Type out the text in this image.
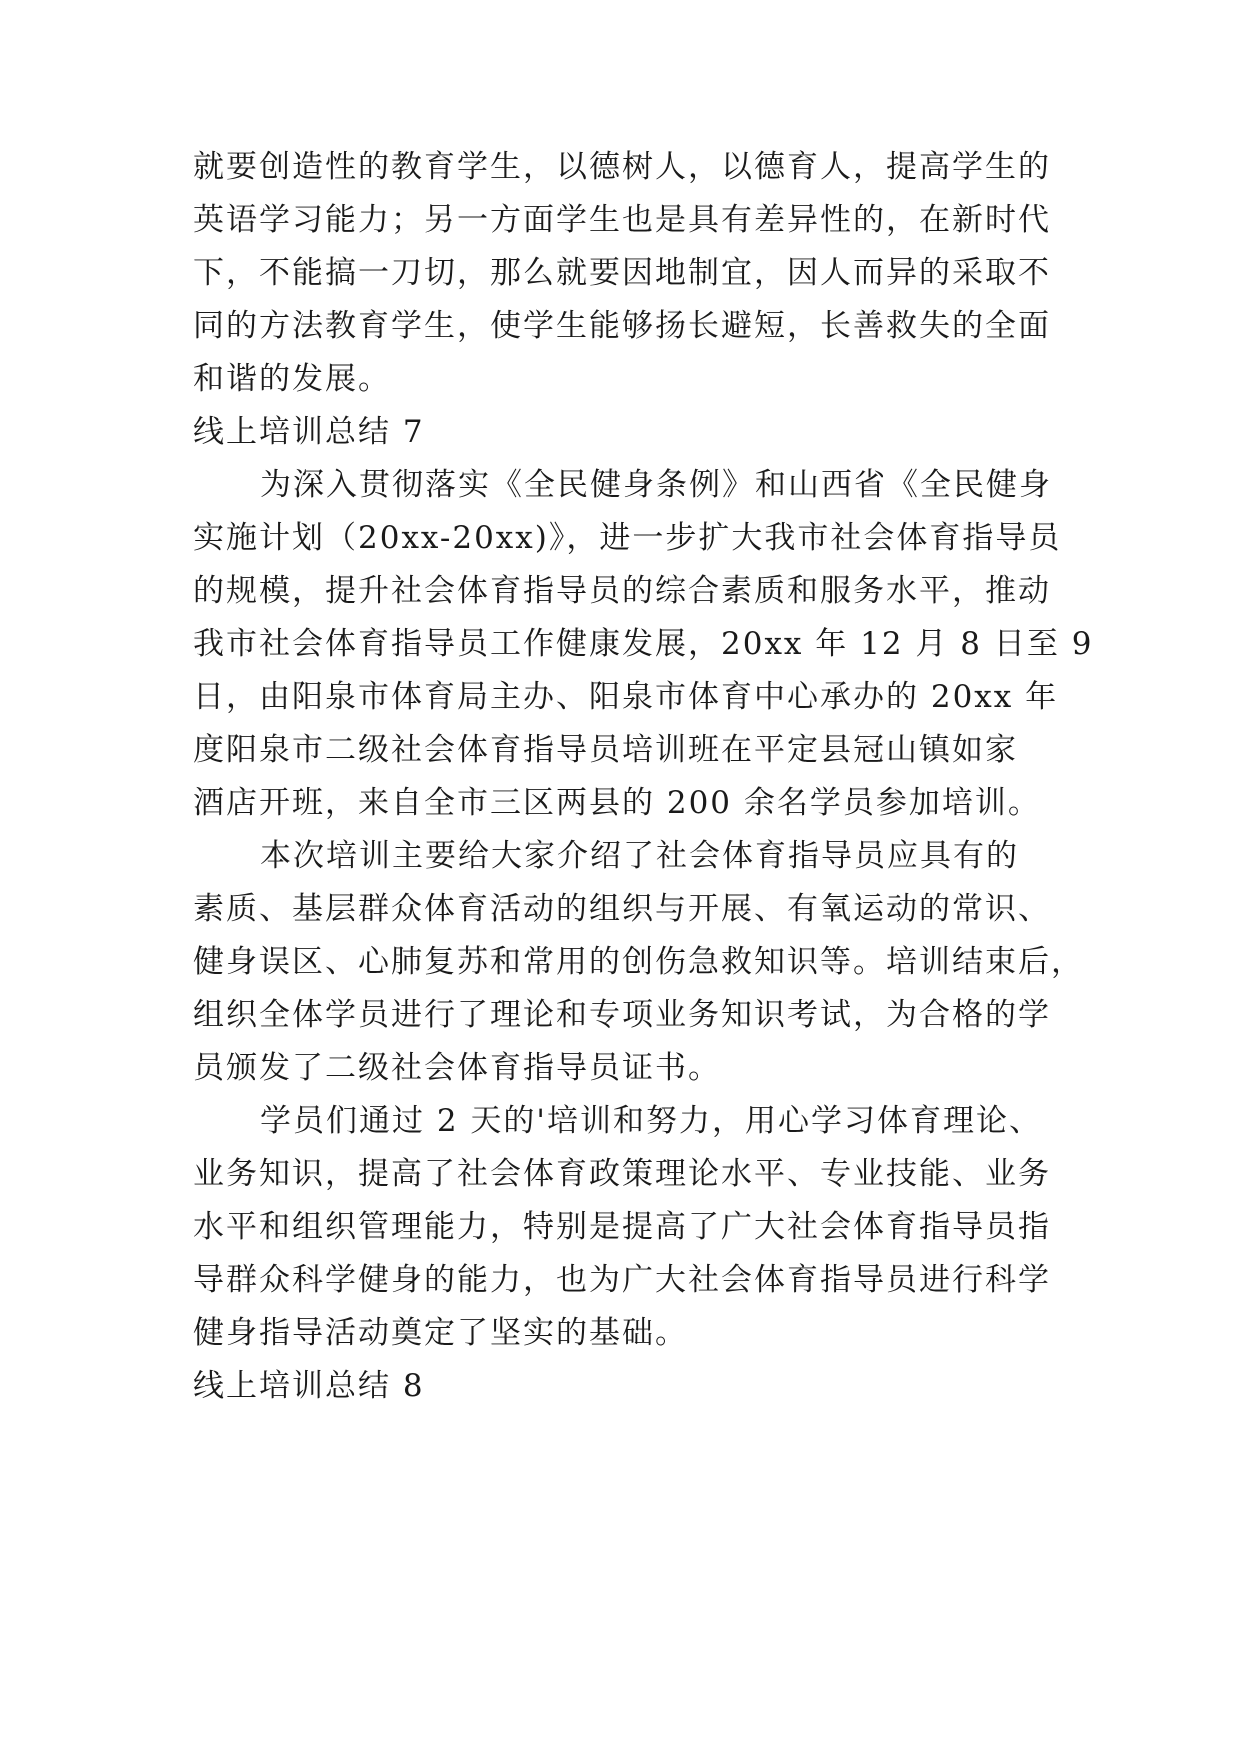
就要创造性的教育学生，以德树人，以德育人，提高学生的
英语学习能力；另一方面学生也是具有差异性的，在新时代
下，不能搞一刀切，那么就要因地制宜，因人而异的采取不
同的方法教育学生，使学生能够扬长避短，长善救失的全面
和谐的发展。
线上培训总结 7
为深入贯彻落实《全民健身条例》和山西省《全民健身
实施计划（20xx-20xx)》，进一步扩大我市社会体育指导员
的规模，提升社会体育指导员的综合素质和服务水平，推动
我市社会体育指导员工作健康发展，20xx 年 12 月 8 日至 9
日，由阳泉市体育局主办、阳泉市体育中心承办的 20xx 年
度阳泉市二级社会体育指导员培训班在平定县冠山镇如家
酒店开班，来自全市三区两县的 200 余名学员参加培训。
本次培训主要给大家介绍了社会体育指导员应具有的
素质、基层群众体育活动的组织与开展、有氧运动的常识、
健身误区、心肺复苏和常用的创伤急救知识等。培训结束后，
组织全体学员进行了理论和专项业务知识考试，为合格的学
员颁发了二级社会体育指导员证书。
学员们通过 2 天的'培训和努力，用心学习体育理论、
业务知识，提高了社会体育政策理论水平、专业技能、业务
水平和组织管理能力，特别是提高了广大社会体育指导员指
导群众科学健身的能力，也为广大社会体育指导员进行科学
健身指导活动奠定了坚实的基础。
线上培训总结 8
